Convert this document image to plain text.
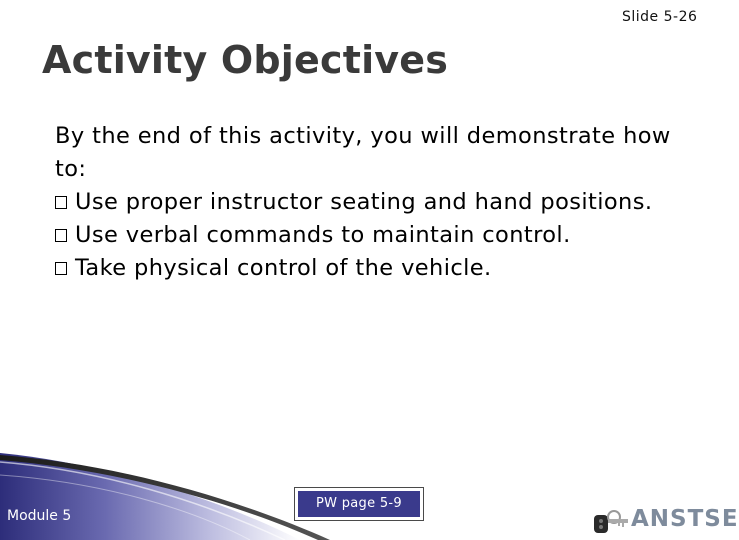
Slide 5-26
Activity Objectives

By the end of this activity, you will demonstrate how to:

Use proper instructor seating and hand positions.
Use verbal commands to maintain control.
Take physical control of the vehicle.
Module 5
PW page 5-9
ANSTSE
